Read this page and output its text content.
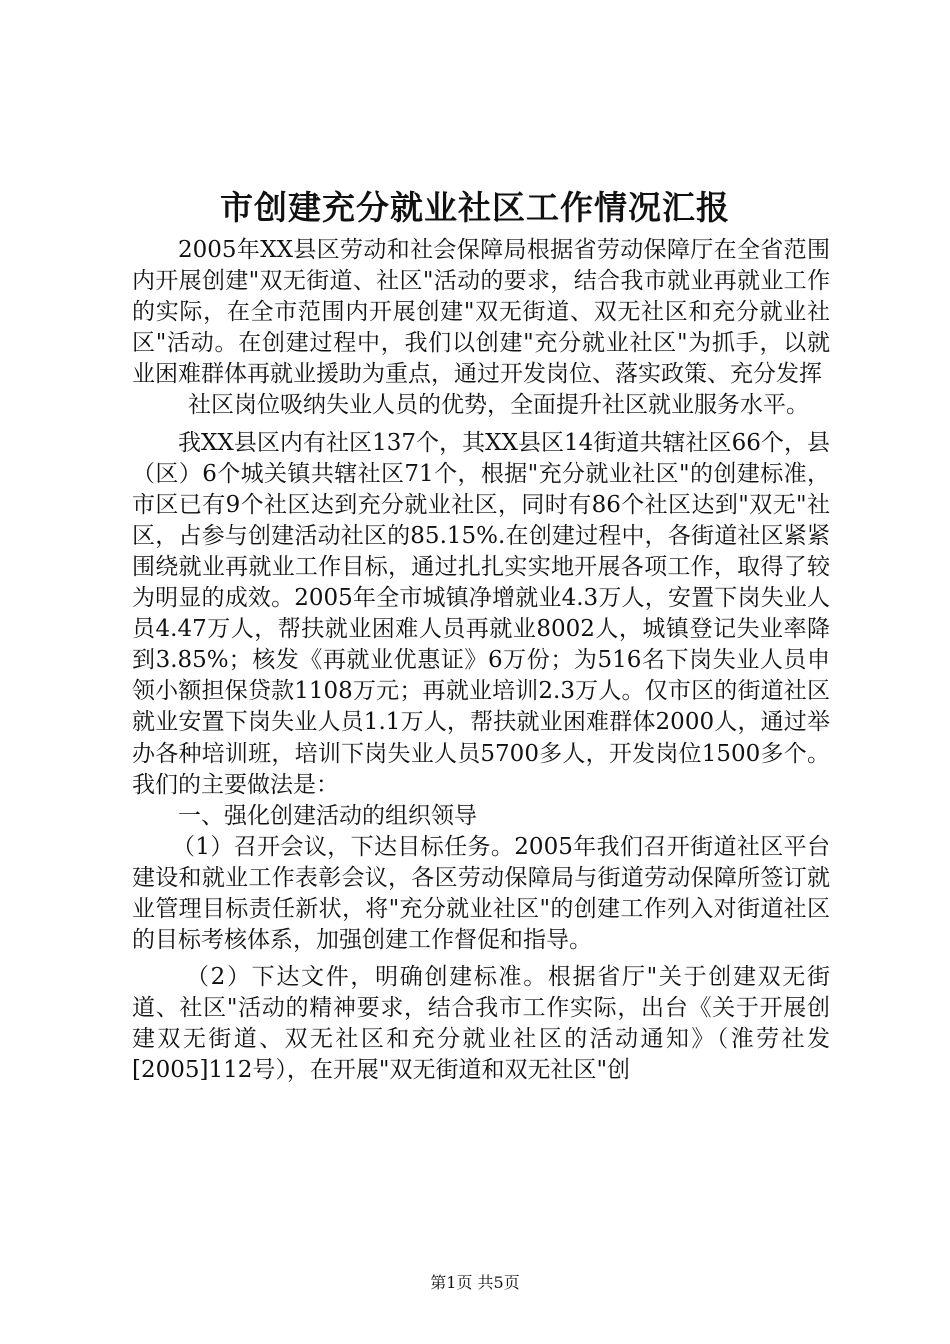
市创建充分就业社区工作情况汇报

2005年XX县区劳动和社会保障局根据省劳动保障厅在全省范围内开展创建"双无街道、社区"活动的要求，结合我市就业再就业工作的实际，在全市范围内开展创建"双无街道、双无社区和充分就业社区"活动。在创建过程中，我们以创建"充分就业社区"为抓手，以就业困难群体再就业援助为重点，通过开发岗位、落实政策、充分发挥

社区岗位吸纳失业人员的优势，全面提升社区就业服务水平。

我XX县区内有社区137个，其XX县区14街道共辖社区66个，县（区）6个城关镇共辖社区71个，根据"充分就业社区"的创建标准，市区已有9个社区达到充分就业社区，同时有86个社区达到"双无"社区，占参与创建活动社区的85.15%.在创建过程中，各街道社区紧紧围绕就业再就业工作目标，通过扎扎实实地开展各项工作，取得了较为明显的成效。2005年全市城镇净增就业4.3万人，安置下岗失业人员4.47万人，帮扶就业困难人员再就业8002人，城镇登记失业率降到3.85%；核发《再就业优惠证》6万份；为516名下岗失业人员申领小额担保贷款1108万元；再就业培训2.3万人。仅市区的街道社区就业安置下岗失业人员1.1万人，帮扶就业困难群体2000人，通过举办各种培训班，培训下岗失业人员5700多人，开发岗位1500多个。我们的主要做法是：

一、强化创建活动的组织领导

（1）召开会议，下达目标任务。2005年我们召开街道社区平台建设和就业工作表彰会议，各区劳动保障局与街道劳动保障所签订就业管理目标责任新状，将"充分就业社区"的创建工作列入对街道社区的目标考核体系，加强创建工作督促和指导。

（2）下达文件，明确创建标准。根据省厅"关于创建双无街道、社区"活动的精神要求，结合我市工作实际，出台《关于开展创建双无街道、双无社区和充分就业社区的活动通知》（淮劳社发[2005]112号），在开展"双无街道和双无社区"创

第1页 共5页
